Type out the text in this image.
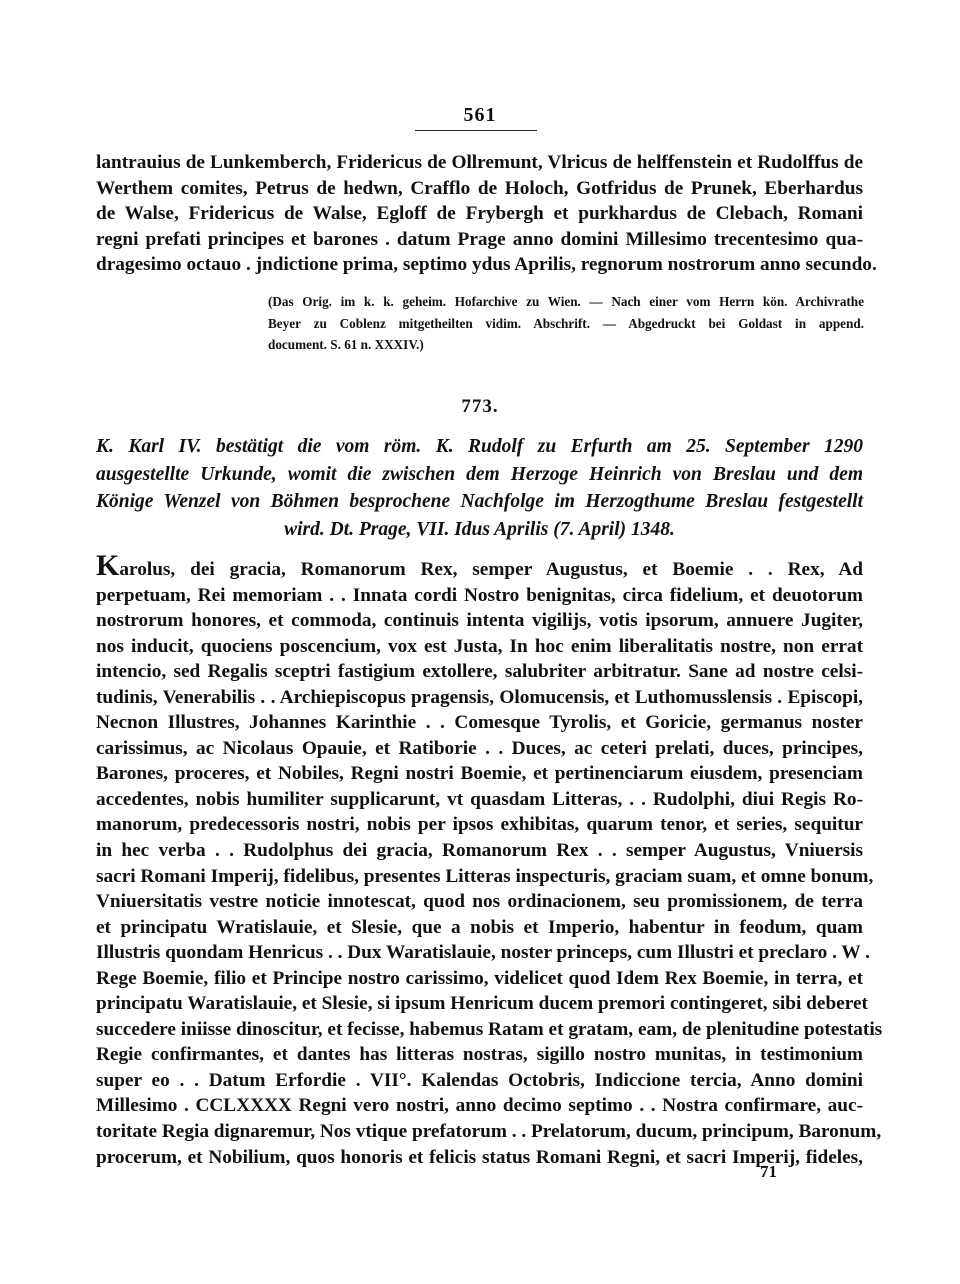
561
lantrauius de Lunkemberch, Fridericus de Ollremunt, Vlricus de helffenstein et Rudolffus de
Werthem comites, Petrus de hedwn, Crafflo de Holoch, Gotfridus de Prunek, Eberhardus
de Walse, Fridericus de Walse, Egloff de Frybergh et purkhardus de Clebach, Romani
regni prefati principes et barones . datum Prage anno domini Millesimo trecentesimo qua-
dragesimo octauo . jndictione prima, septimo ydus Aprilis, regnorum nostrorum anno secundo.
(Das Orig. im k. k. geheim. Hofarchive zu Wien. — Nach einer vom Herrn kön. Archivrathe
Beyer zu Coblenz mitgetheilten vidim. Abschrift. — Abgedruckt bei Goldast in append.
document. S. 61 n. XXXIV.)
773.
K. Karl IV. bestätigt die vom röm. K. Rudolf zu Erfurth am 25. September 1290
ausgestellte Urkunde, womit die zwischen dem Herzoge Heinrich von Breslau und dem
Könige Wenzel von Böhmen besprochene Nachfolge im Herzogthume Breslau festgestellt
wird. Dt. Prage, VII. Idus Aprilis (7. April) 1348.
Karolus, dei gracia, Romanorum Rex, semper Augustus, et Boemie . . Rex, Ad
perpetuam, Rei memoriam . . Innata cordi Nostro benignitas, circa fidelium, et deuotorum
nostrorum honores, et commoda, continuis intenta vigilijs, votis ipsorum, annuere Jugiter,
nos inducit, quociens poscencium, vox est Justa, In hoc enim liberalitatis nostre, non errat
intencio, sed Regalis sceptri fastigium extollere, salubriter arbitratur. Sane ad nostre celsi-
tudinis, Venerabilis . . Archiepiscopus pragensis, Olomucensis, et Luthomusslensis . Episcopi,
Necnon Illustres, Johannes Karinthie . . Comesque Tyrolis, et Goricie, germanus noster
carissimus, ac Nicolaus Opauie, et Ratiborie . . Duces, ac ceteri prelati, duces, principes,
Barones, proceres, et Nobiles, Regni nostri Boemie, et pertinenciarum eiusdem, presenciam
accedentes, nobis humiliter supplicarunt, vt quasdam Litteras, . . Rudolphi, diui Regis Ro-
manorum, predecessoris nostri, nobis per ipsos exhibitas, quarum tenor, et series, sequitur
in hec verba . . Rudolphus dei gracia, Romanorum Rex . . semper Augustus, Vniuersis
sacri Romani Imperij, fidelibus, presentes Litteras inspecturis, graciam suam, et omne bonum,
Vniuersitatis vestre noticie innotescat, quod nos ordinacionem, seu promissionem, de terra
et principatu Wratislauie, et Slesie, que a nobis et Imperio, habentur in feodum, quam
Illustris quondam Henricus . . Dux Waratislauie, noster princeps, cum Illustri et preclaro . W .
Rege Boemie, filio et Principe nostro carissimo, videlicet quod Idem Rex Boemie, in terra, et
principatu Waratislauie, et Slesie, si ipsum Henricum ducem premori contingeret, sibi deberet
succedere iniisse dinoscitur, et fecisse, habemus Ratam et gratam, eam, de plenitudine potestatis
Regie confirmantes, et dantes has litteras nostras, sigillo nostro munitas, in testimonium
super eo . . Datum Erfordie . VII°. Kalendas Octobris, Indiccione tercia, Anno domini
Millesimo . CCLXXXX Regni vero nostri, anno decimo septimo . . Nostra confirmare, auc-
toritate Regia dignaremur, Nos vtique prefatorum . . Prelatorum, ducum, principum, Baronum,
procerum, et Nobilium, quos honoris et felicis status Romani Regni, et sacri Imperij, fideles,
71
